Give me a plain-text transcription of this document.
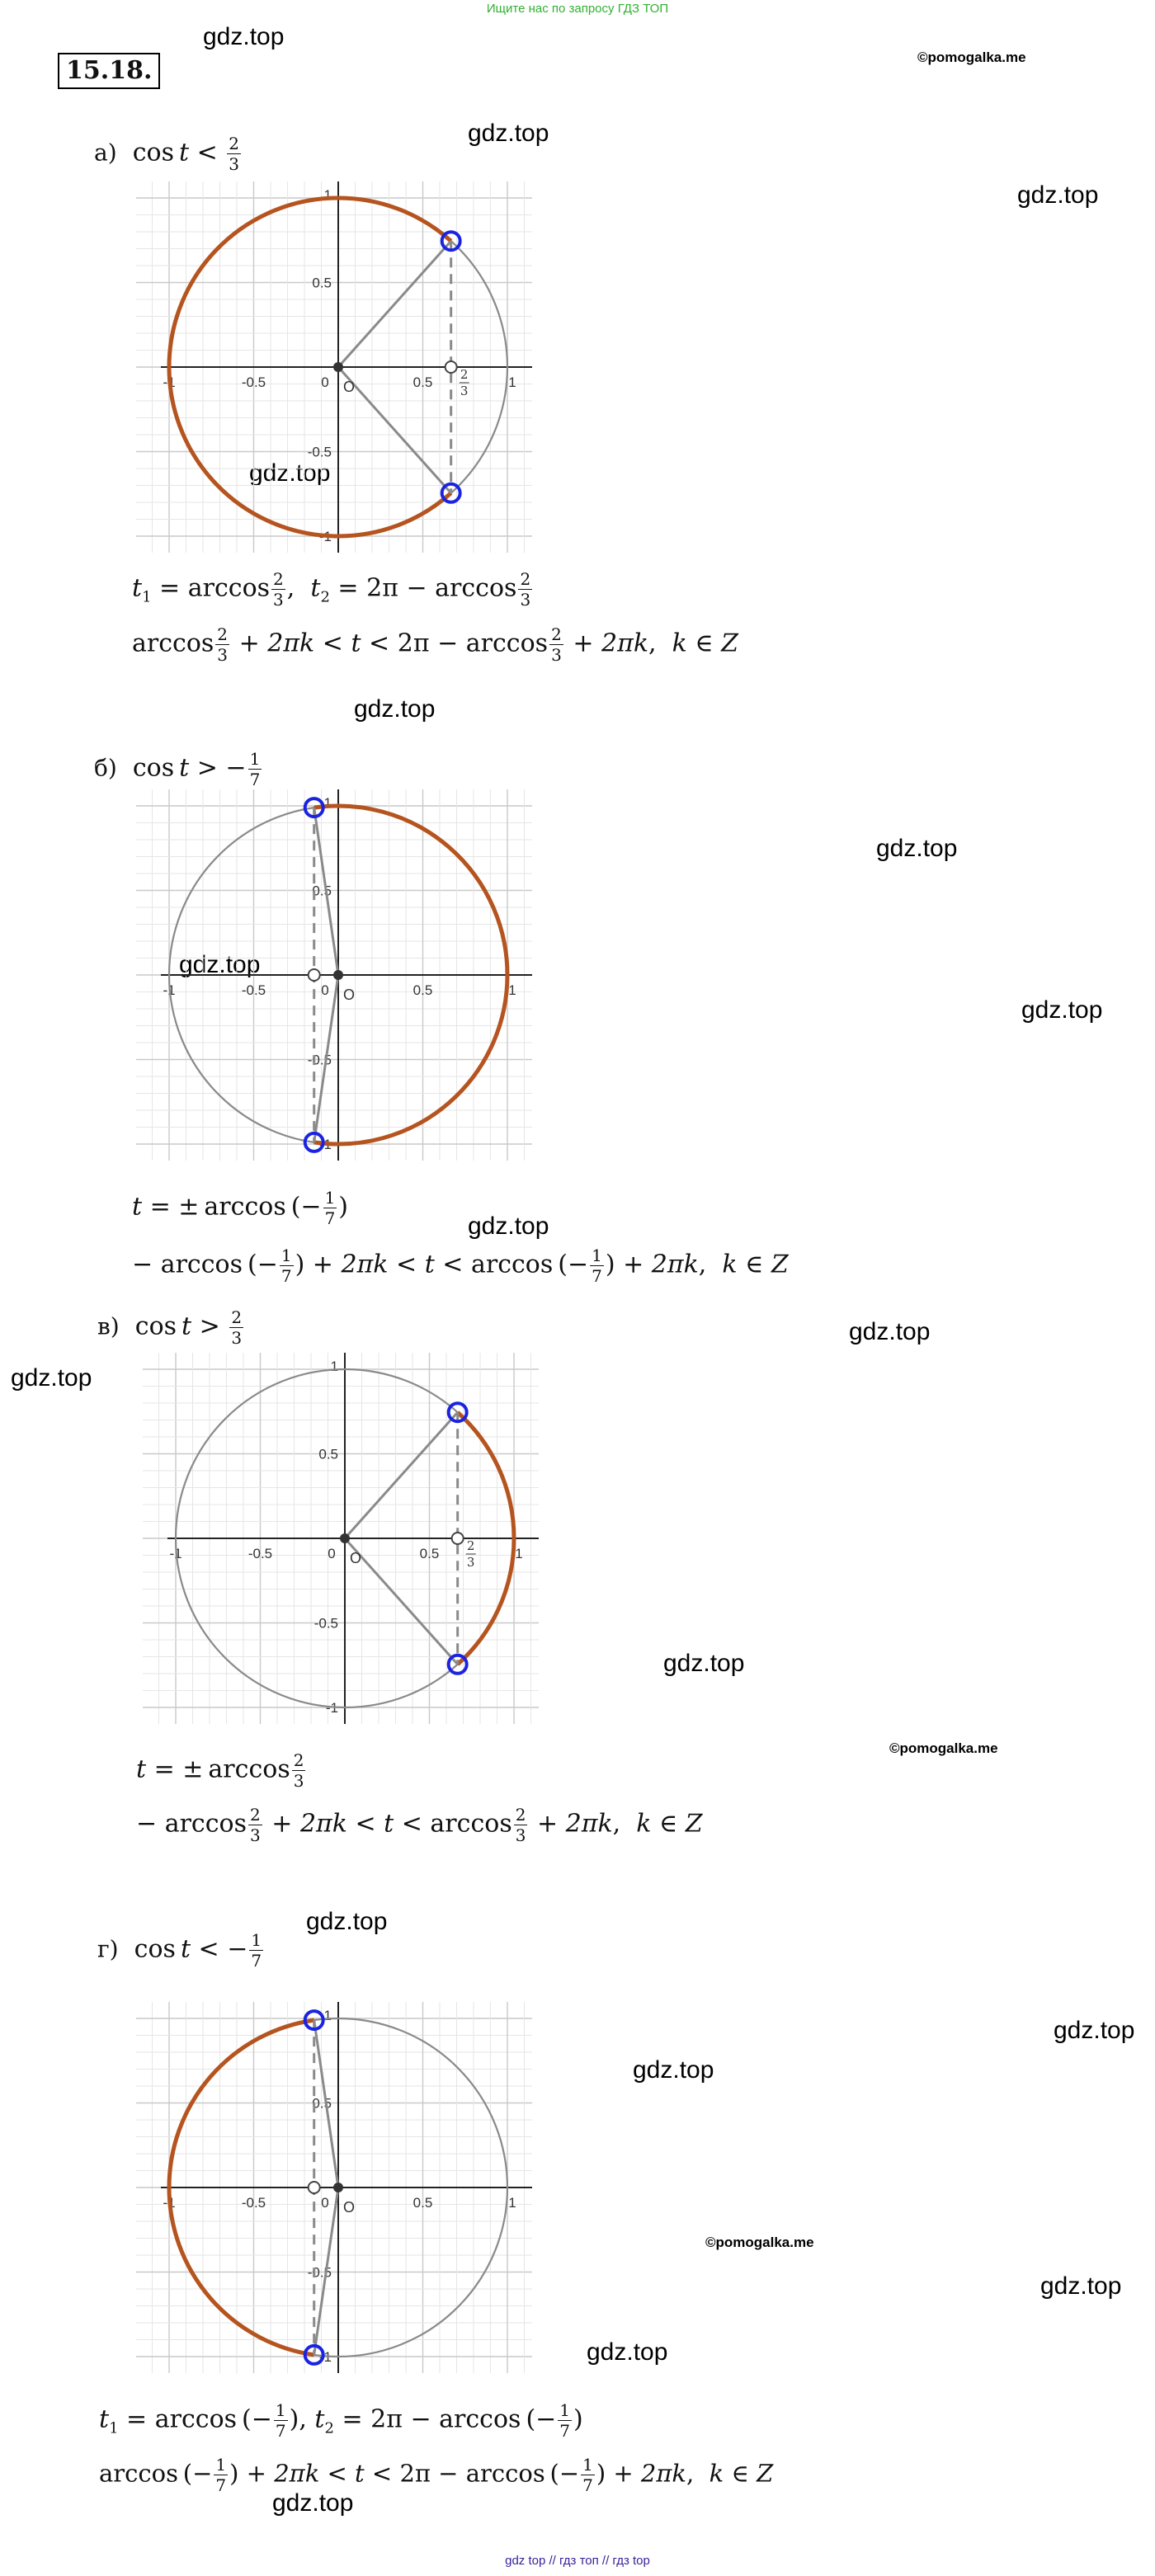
Ищите нас по запросу ГДЗ ТОП
gdz top // гдз топ // гдз top
15.18.
gdz.top
©pomogalka.me
gdz.top
gdz.top
gdz.top
gdz.top
gdz.top
gdz.top
gdz.top
gdz.top
gdz.top
gdz.top
gdz.top
©pomogalka.me
gdz.top
gdz.top
gdz.top
©pomogalka.me
gdz.top
gdz.top
gdz.top
а) $\cos t < \frac{2}{3}$
-1	-0.5	0	0.5	1
1
0.5
-0.5
-1
O
2
3
$t_1 = \arccos \frac{2}{3}$ ,  $t_2 = 2\pi - \arccos \frac{2}{3}$
$\arccos \frac{2}{3} + 2\pi k < t < 2\pi - \arccos \frac{2}{3} + 2\pi k$,  k ∈ Z
б) cos  t > − $\frac{1}{7}$
-1	-0.5	0	0.5	1
1
0.5
-0.5
-1
O
t = ±  arccos (− $\frac{1}{7}$ )
− arccos (− $\frac{1}{7}$ ) + 2πk < t < arccos (− $\frac{1}{7}$ ) + 2πk,  k ∈ Z
в) $\cos t > \frac{2}{3}$
-1	-0.5	0	0.5	1
1
0.5
-0.5
-1
O
2
3
t = ±  $\arccos \frac{2}{3}$
− $\arccos \frac{2}{3} + 2\pi k < t < \arccos \frac{2}{3} + 2\pi k$,  k ∈ Z
г) cos  t < − $\frac{1}{7}$
-1	-0.5	0	0.5	1
1
0.5
-0.5
-1
O
$t_1 = \arccos$ (− $\frac{1}{7}$ ), $t_2 = 2\pi - \arccos$ (− $\frac{1}{7}$ )
arccos (− $\frac{1}{7}$ ) + 2πk < t < 2π − arccos (− $\frac{1}{7}$ ) + 2πk,  k ∈ Z
